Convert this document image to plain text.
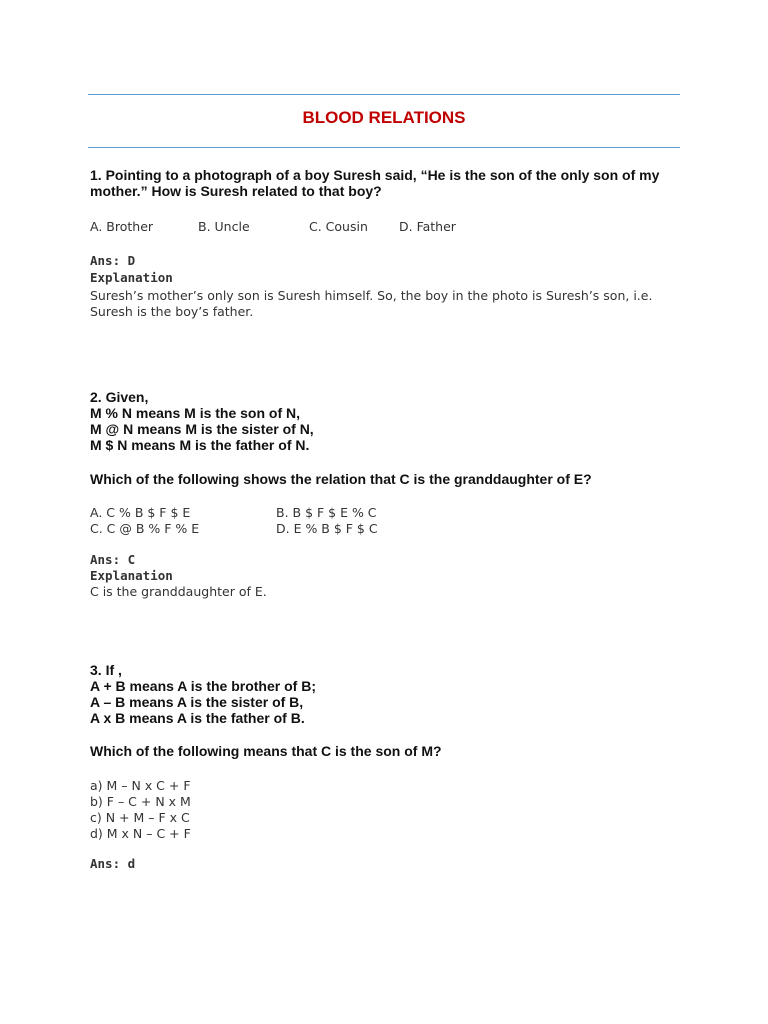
BLOOD RELATIONS
1. Pointing to a photograph of a boy Suresh said, “He is the son of the only son of my
mother.” How is Suresh related to that boy?
A. Brother	B. Uncle	C. Cousin D. Father
Ans: D
Explanation
Suresh’s mother’s only son is Suresh himself. So, the boy in the photo is Suresh’s son, i.e.
Suresh is the boy’s father.
2. Given,
M % N means M is the son of N,
M @ N means M is the sister of N,
M $ N means M is the father of N.
Which of the following shows the relation that C is the granddaughter of E?
A. C % B $ F $ E	B. B $ F $ E % C
C. C @ B % F % E	D. E % B $ F $ C
Ans: C
Explanation
C is the granddaughter of E.
3. If ,
A + B means A is the brother of B;
A – B means A is the sister of B,
A x B means A is the father of B.
Which of the following means that C is the son of M?
a) M – N x C + F
b) F – C + N x M
c) N + M – F x C
d) M x N – C + F
Ans: d
